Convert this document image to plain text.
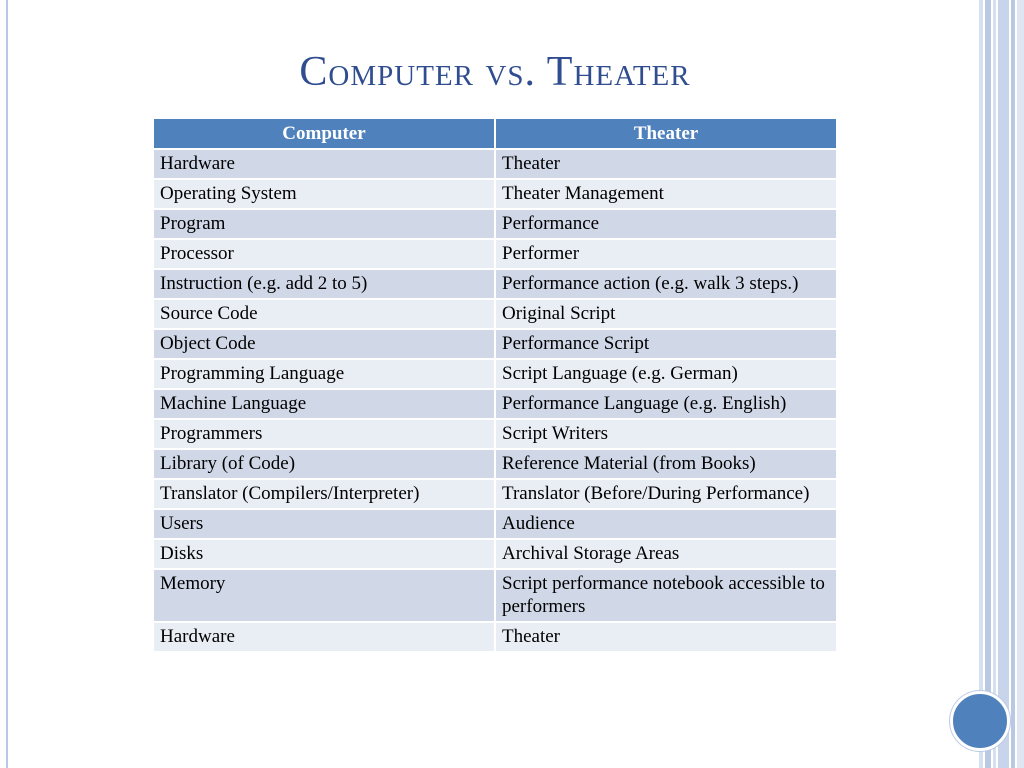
Computer vs. Theater
Computer	Theater
Hardware	Theater
Operating System	Theater Management
Program	Performance
Processor	Performer
Instruction (e.g. add 2 to 5)	Performance action (e.g. walk 3 steps.)
Source Code	Original Script
Object Code	Performance Script
Programming Language	Script Language (e.g. German)
Machine Language	Performance Language (e.g. English)
Programmers	Script Writers
Library (of Code)	Reference Material (from Books)
Translator (Compilers/Interpreter)	Translator (Before/During Performance)
Users	Audience
Disks	Archival Storage Areas
Memory	Script performance notebook accessible to performers
Hardware	Theater
